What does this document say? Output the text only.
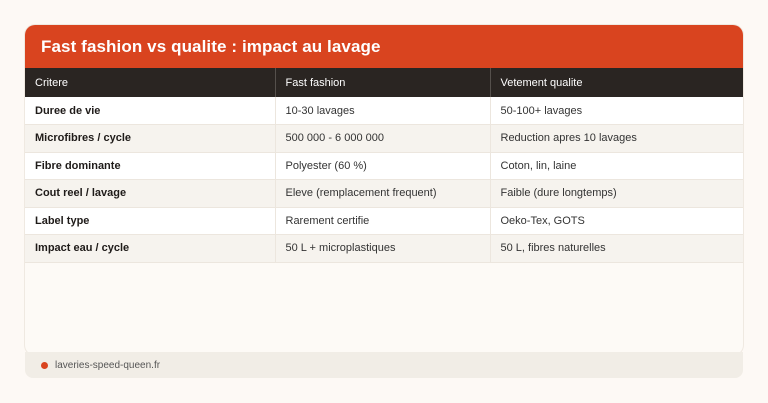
Fast fashion vs qualite : impact au lavage
Critere	Fast fashion	Vetement qualite
Duree de vie	10-30 lavages	50-100+ lavages
Microfibres / cycle	500 000 - 6 000 000	Reduction apres 10 lavages
Fibre dominante	Polyester (60 %)	Coton, lin, laine
Cout reel / lavage	Eleve (remplacement frequent)	Faible (dure longtemps)
Label type	Rarement certifie	Oeko-Tex, GOTS
Impact eau / cycle	50 L + microplastiques	50 L, fibres naturelles
laveries-speed-queen.fr
